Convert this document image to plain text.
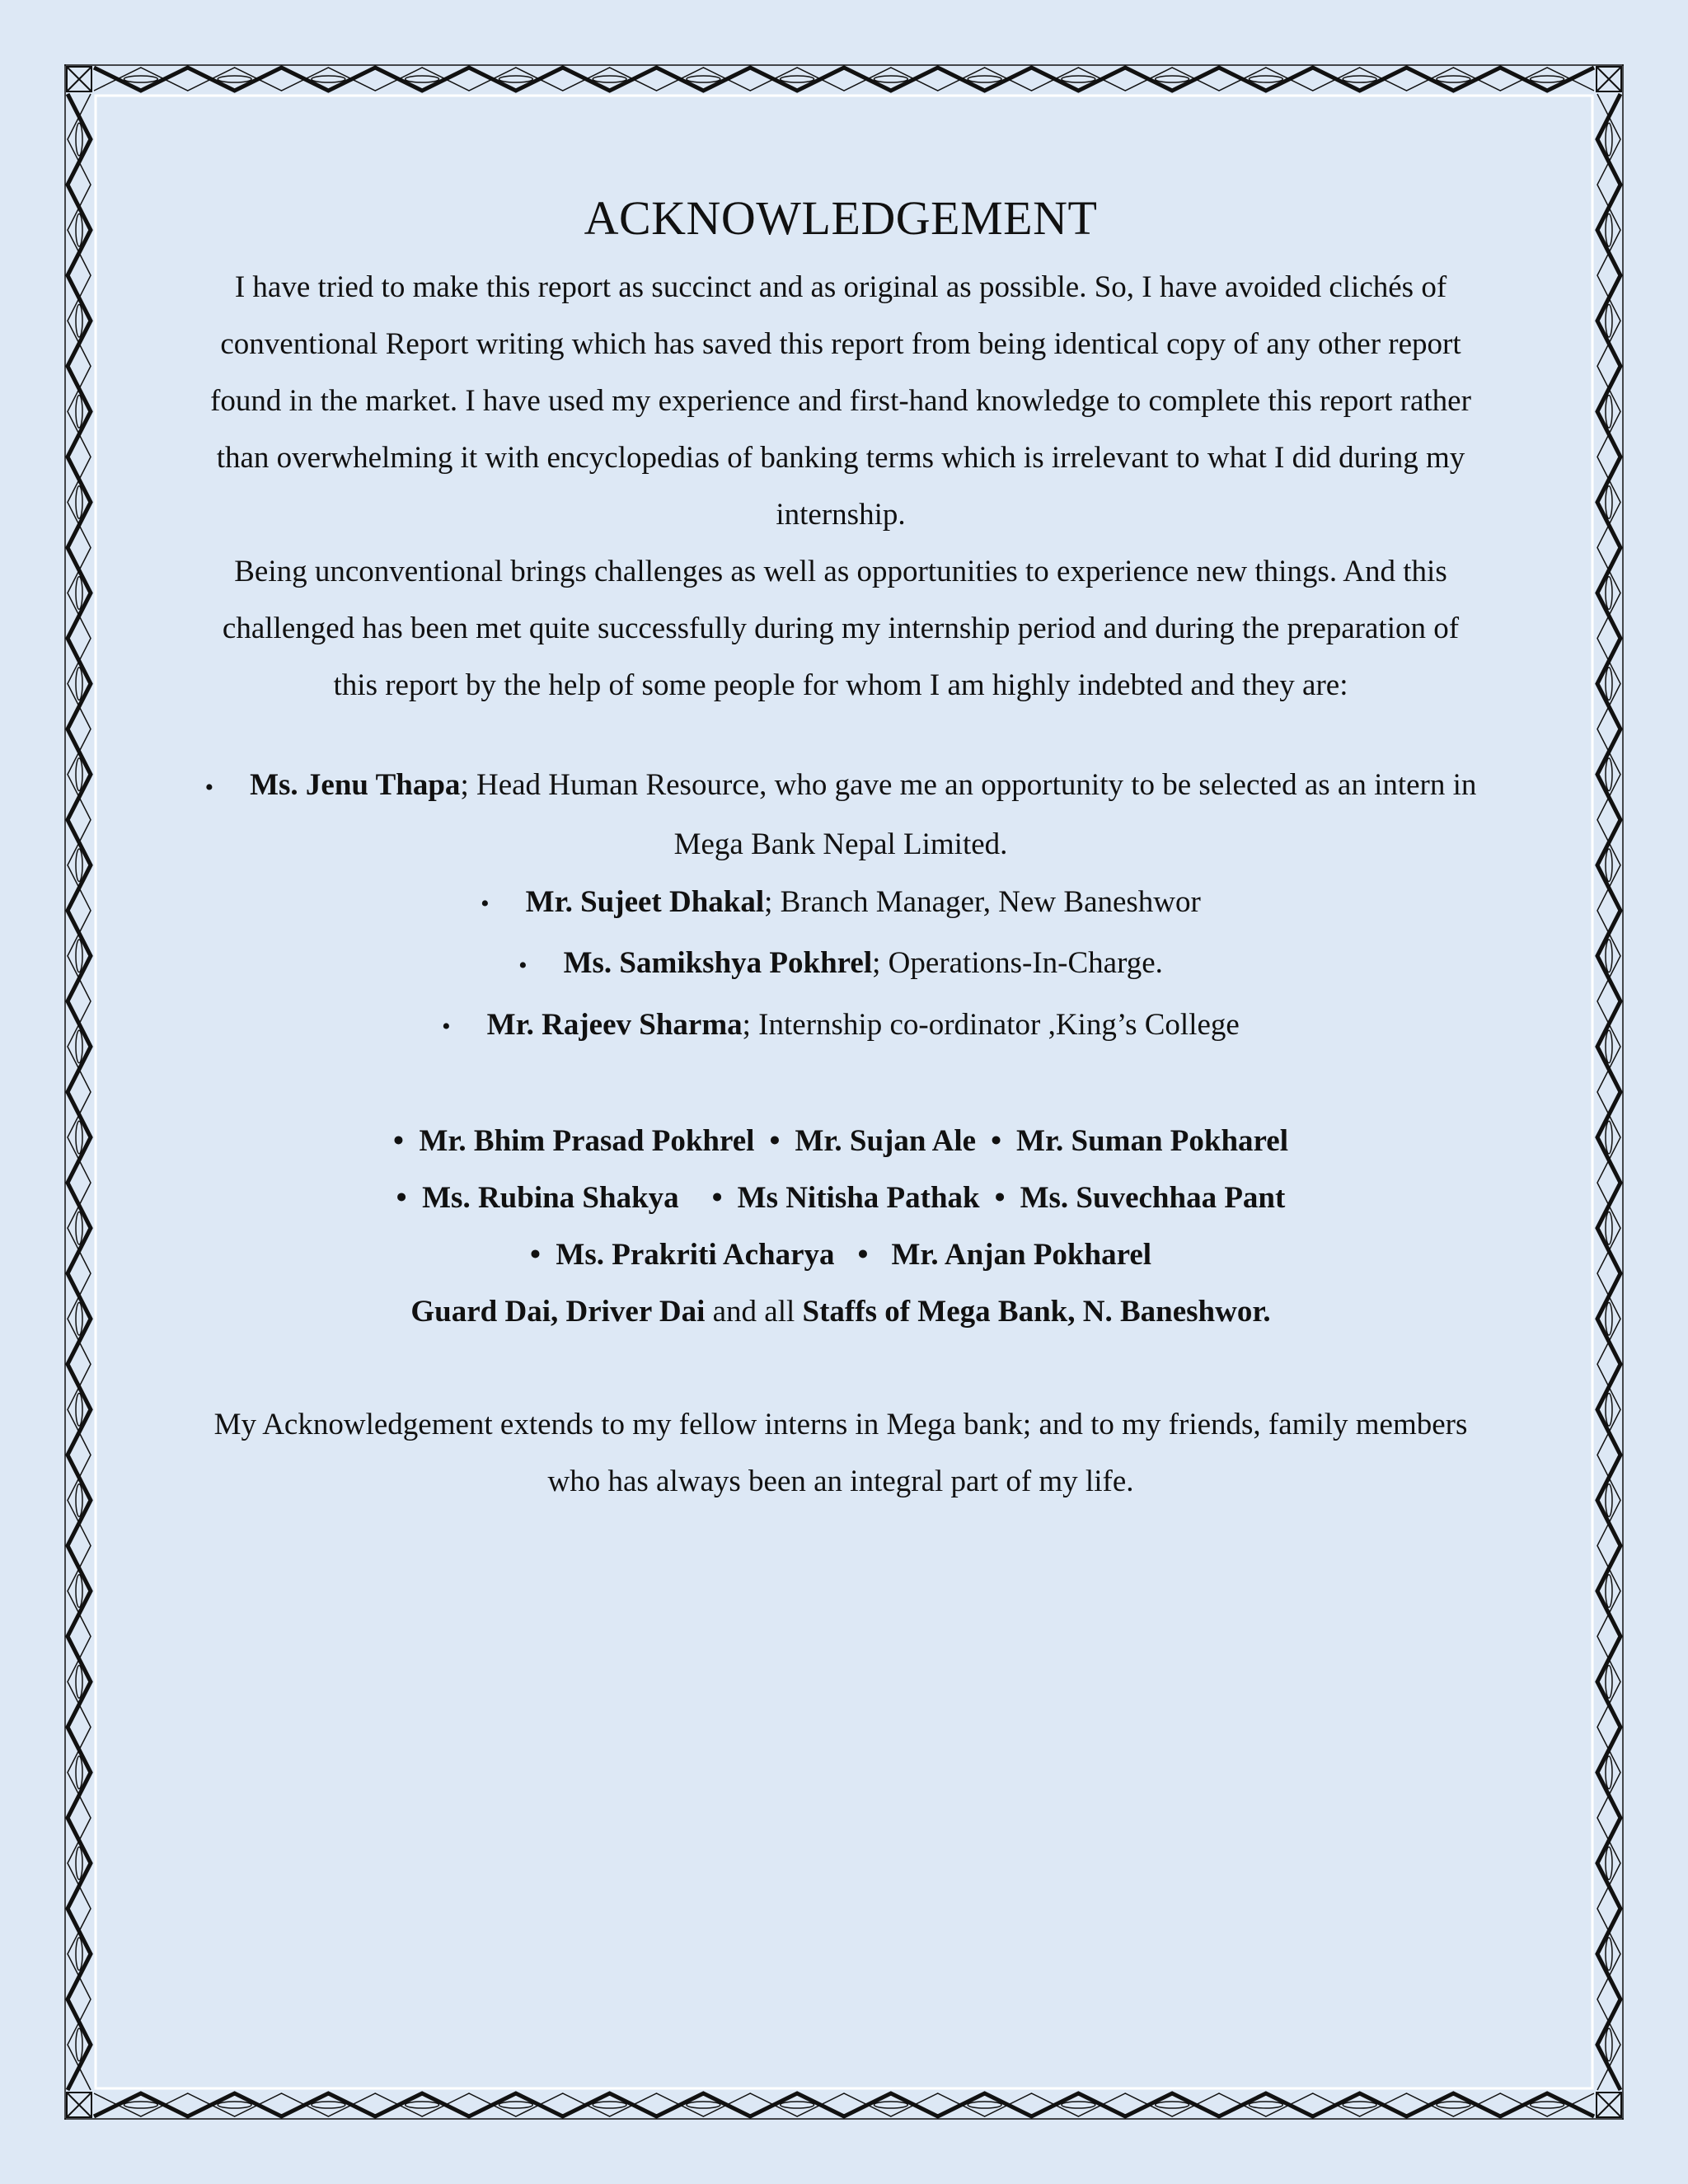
ACKNOWLEDGEMENT

I have tried to make this report as succinct and as original as possible. So, I have avoided clichés of conventional Report writing which has saved this report from being identical copy of any other report found in the market. I have used my experience and first-hand knowledge to complete this report rather than overwhelming it with encyclopedias of banking terms which is irrelevant to what I did during my internship.

Being unconventional brings challenges as well as opportunities to experience new things. And this challenged has been met quite successfully during my internship period and during the preparation of this report by the help of some people for whom I am highly indebted and they are:

• Ms. Jenu Thapa; Head Human Resource, who gave me an opportunity to be selected as an intern in Mega Bank Nepal Limited.
• Mr. Sujeet Dhakal; Branch Manager, New Baneshwor
• Ms. Samikshya Pokhrel; Operations-In-Charge.
• Mr. Rajeev Sharma; Internship co-ordinator ,King’s College
• Mr. Bhim Prasad Pokhrel • Mr. Sujan Ale • Mr. Suman Pokharel
• Ms. Rubina Shakya • Ms Nitisha Pathak • Ms. Suvechhaa Pant
• Ms. Prakriti Acharya • Mr. Anjan Pokharel
Guard Dai, Driver Dai and all Staffs of Mega Bank, N. Baneshwor.

My Acknowledgement extends to my fellow interns in Mega bank; and to my friends, family members who has always been an integral part of my life.
